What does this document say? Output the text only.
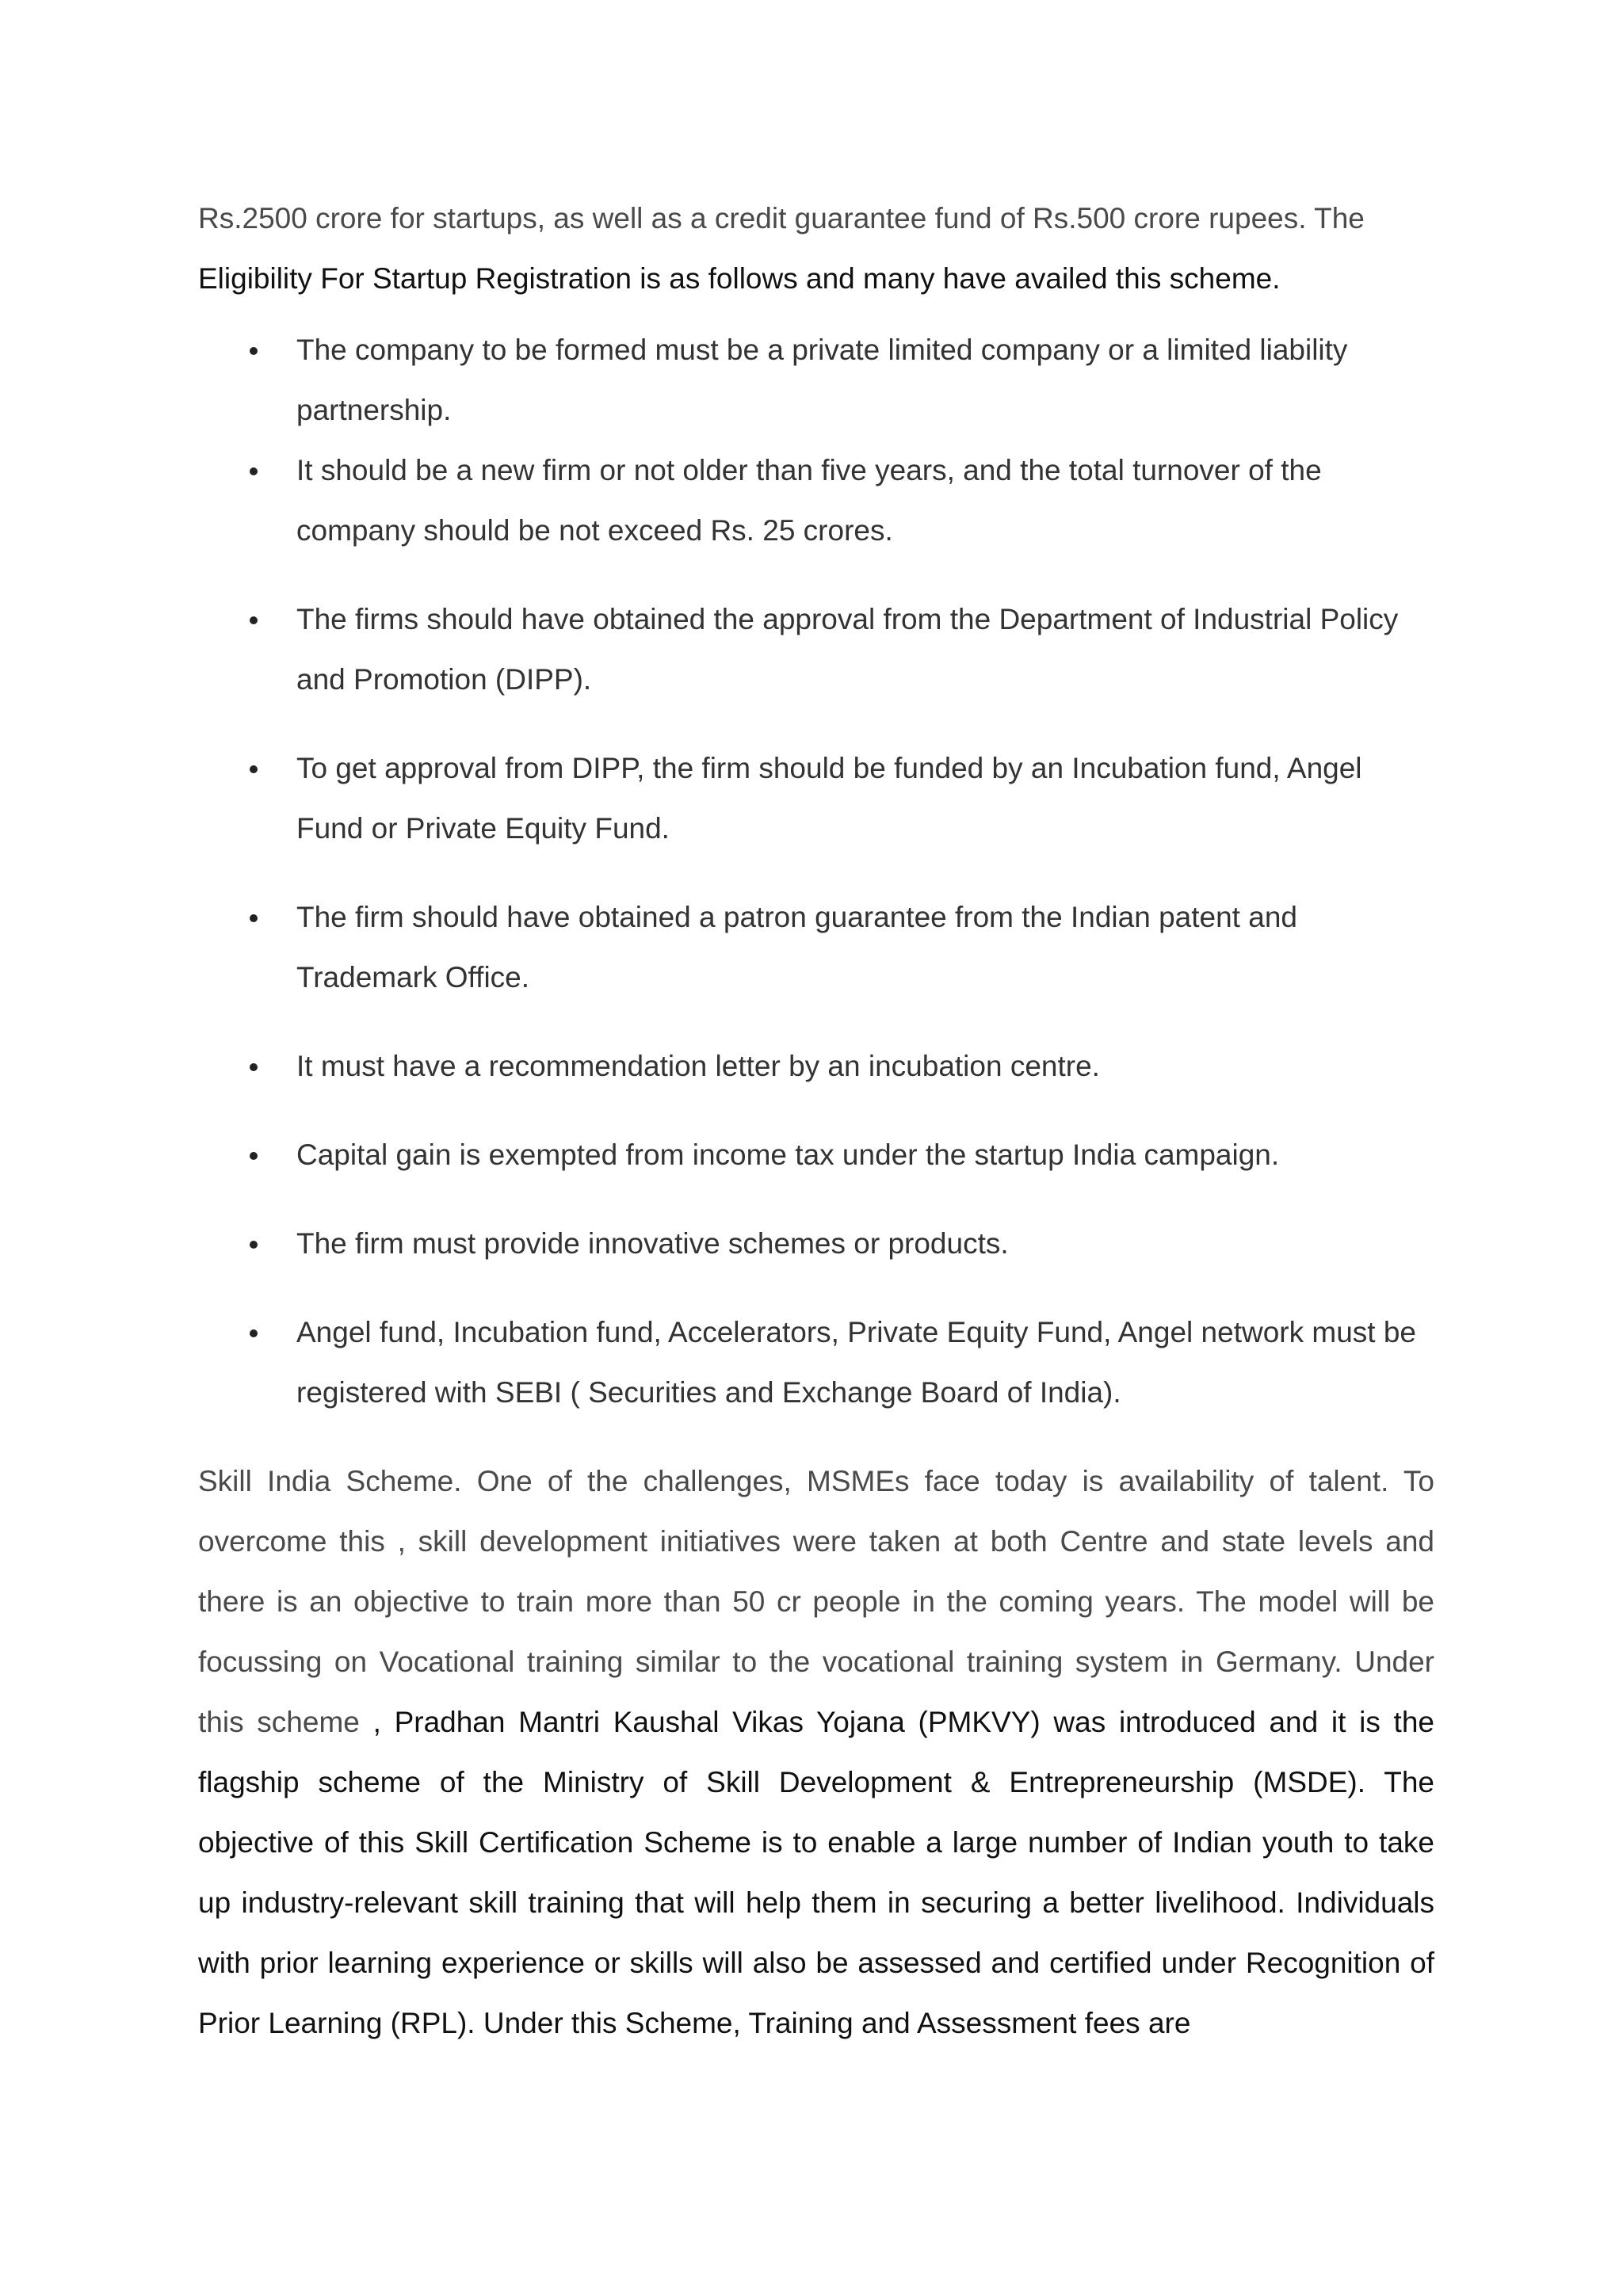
Rs.2500 crore for startups, as well as a credit guarantee fund of Rs.500 crore rupees. The
Eligibility For Startup Registration is as follows and many have availed this scheme.

The company to be formed must be a private limited company or a limited liability partnership.
It should be a new firm or not older than five years, and the total turnover of the company should be not exceed Rs. 25 crores.
The firms should have obtained the approval from the Department of Industrial Policy and Promotion (DIPP).
To get approval from DIPP, the firm should be funded by an Incubation fund, Angel Fund or Private Equity Fund.
The firm should have obtained a patron guarantee from the Indian patent and Trademark Office.
It must have a recommendation letter by an incubation centre.
Capital gain is exempted from income tax under the startup India campaign.
The firm must provide innovative schemes or products.
Angel fund, Incubation fund, Accelerators, Private Equity Fund, Angel network must be registered with SEBI ( Securities and Exchange Board of India).

Skill India Scheme. One of the challenges, MSMEs face today is availability of talent. To overcome this , skill development initiatives were taken at both Centre and state levels and there is an objective to train more than 50 cr people in the coming years. The model will be focussing on Vocational training similar to the vocational training system in Germany. Under this scheme , Pradhan Mantri Kaushal Vikas Yojana (PMKVY) was introduced and it is the flagship scheme of the Ministry of Skill Development & Entrepreneurship (MSDE). The objective of this Skill Certification Scheme is to enable a large number of Indian youth to take up industry-relevant skill training that will help them in securing a better livelihood. Individuals with prior learning experience or skills will also be assessed and certified under Recognition of Prior Learning (RPL). Under this Scheme, Training and Assessment fees are
